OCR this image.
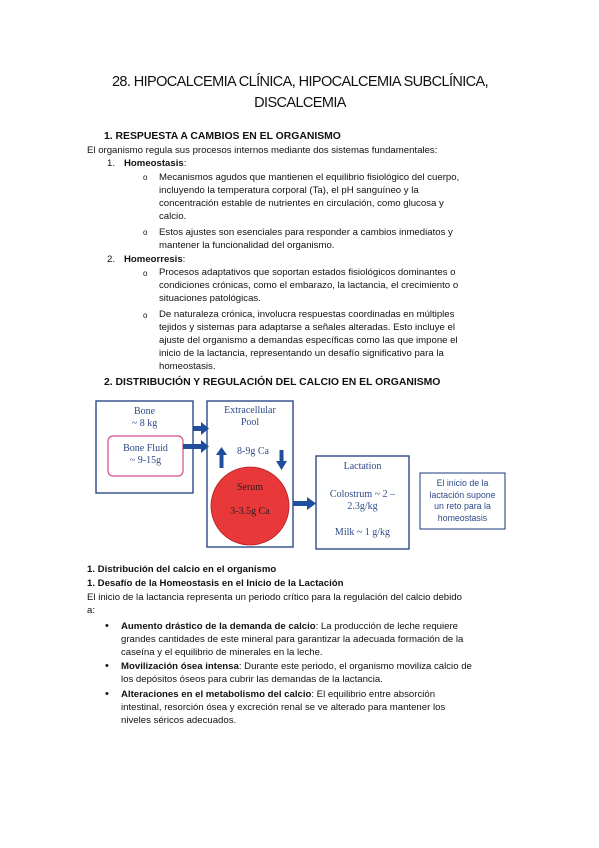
28. HIPOCALCEMIA CLÍNICA, HIPOCALCEMIA SUBCLÍNICA,
DISCALCEMIA
1. RESPUESTA A CAMBIOS EN EL ORGANISMO
El organismo regula sus procesos internos mediante dos sistemas fundamentales:
1. Homeostasis:
o Mecanismos agudos que mantienen el equilibrio fisiológico del cuerpo,
incluyendo la temperatura corporal (Ta), el pH sanguíneo y la
concentración estable de nutrientes en circulación, como glucosa y
calcio.
o Estos ajustes son esenciales para responder a cambios inmediatos y
mantener la funcionalidad del organismo.
2. Homeorresis:
o Procesos adaptativos que soportan estados fisiológicos dominantes o
condiciones crónicas, como el embarazo, la lactancia, el crecimiento o
situaciones patológicas.
o De naturaleza crónica, involucra respuestas coordinadas en múltiples
tejidos y sistemas para adaptarse a señales alteradas. Esto incluye el
ajuste del organismo a demandas específicas como las que impone el
inicio de la lactancia, representando un desafío significativo para la
homeostasis.
2. DISTRIBUCIÓN Y REGULACIÓN DEL CALCIO EN EL ORGANISMO
Bone
~ 8 kg
Bone Fluid
~ 9-15g
Extracellular
Pool
8-9g Ca
Serum
3-3.5g Ca
Lactation
Colostrum ~ 2 –
2.3g/kg
Milk ~ 1 g/kg
El inicio de la
lactación supone
un reto para la
homeostasis
1. Distribución del calcio en el organismo
1. Desafío de la Homeostasis en el Inicio de la Lactación
El inicio de la lactancia representa un periodo crítico para la regulación del calcio debido
a:
• Aumento drástico de la demanda de calcio: La producción de leche requiere
grandes cantidades de este mineral para garantizar la adecuada formación de la
caseína y el equilibrio de minerales en la leche.
• Movilización ósea intensa: Durante este periodo, el organismo moviliza calcio de
los depósitos óseos para cubrir las demandas de la lactancia.
• Alteraciones en el metabolismo del calcio: El equilibrio entre absorción
intestinal, resorción ósea y excreción renal se ve alterado para mantener los
niveles séricos adecuados.
